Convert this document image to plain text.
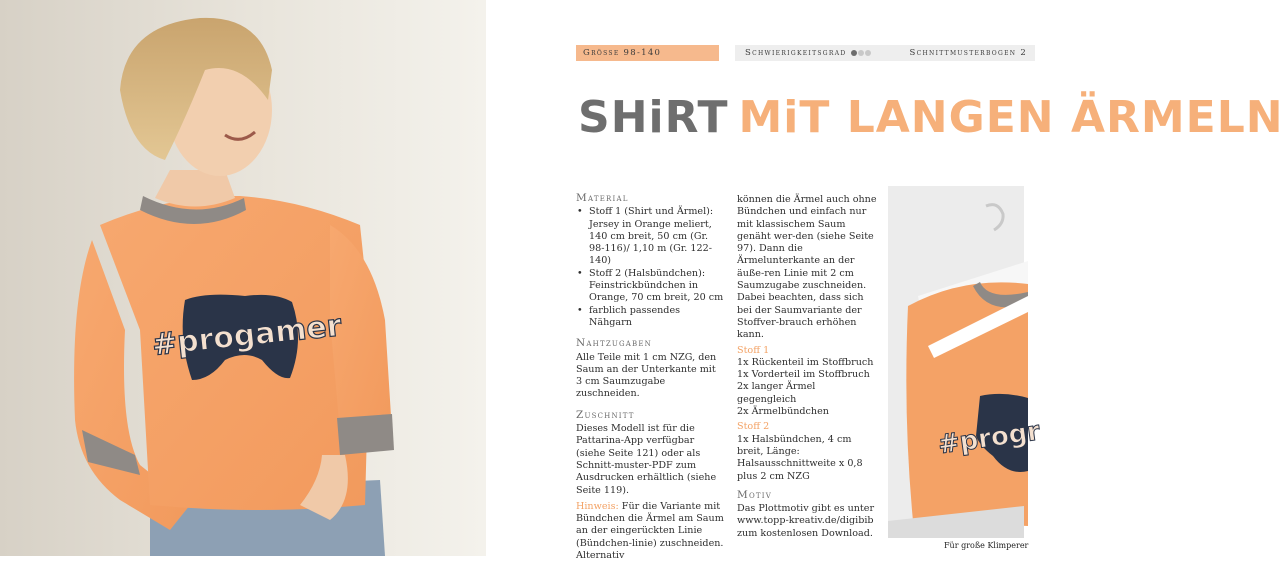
#progamer
Grösse 98-140	Schwierigkeitsgrad	Schnittmusterbogen 2
SHiRT MiT LANGEN ÄRMELN
Material
• Stoff 1 (Shirt und Ärmel): Jersey in Orange meliert, 140 cm breit, 50 cm (Gr. 98-116)/ 1,10 m (Gr. 122-140)
• Stoff 2 (Halsbündchen): Feinstrickbündchen in Orange, 70 cm breit, 20 cm
• farblich passendes Nähgarn
Nahtzugaben

Alle Teile mit 1 cm NZG, den Saum an der Unterkante mit 3 cm Saumzugabe zuschneiden.

Zuschnitt

Dieses Modell ist für die Pattarina-App verfügbar (siehe Seite 121) oder als Schnitt-muster-PDF zum Ausdrucken erhältlich (siehe Seite 119).

Hinweis: Für die Variante mit Bündchen die Ärmel am Saum an der eingerückten Linie (Bündchen-linie) zuschneiden. Alternativ

können die Ärmel auch ohne Bündchen und einfach nur mit klassischem Saum genäht wer-den (siehe Seite 97). Dann die Ärmelunterkante an der äuße-ren Linie mit 2 cm Saumzugabe zuschneiden.

Dabei beachten, dass sich bei der Saumvariante der Stoffver-brauch erhöhen kann.

Stoff 1
1x Rückenteil im Stoffbruch
1x Vorderteil im Stoffbruch
2x langer Ärmel gegengleich
2x Ärmelbündchen
Stoff 2

1x Halsbündchen, 4 cm breit, Länge: Halsausschnittweite x 0,8 plus 2 cm NZG

Motiv

Das Plottmotiv gibt es unter www.topp-kreativ.de/digibib zum kostenlosen Download.

#progr
Für große Klimperer
